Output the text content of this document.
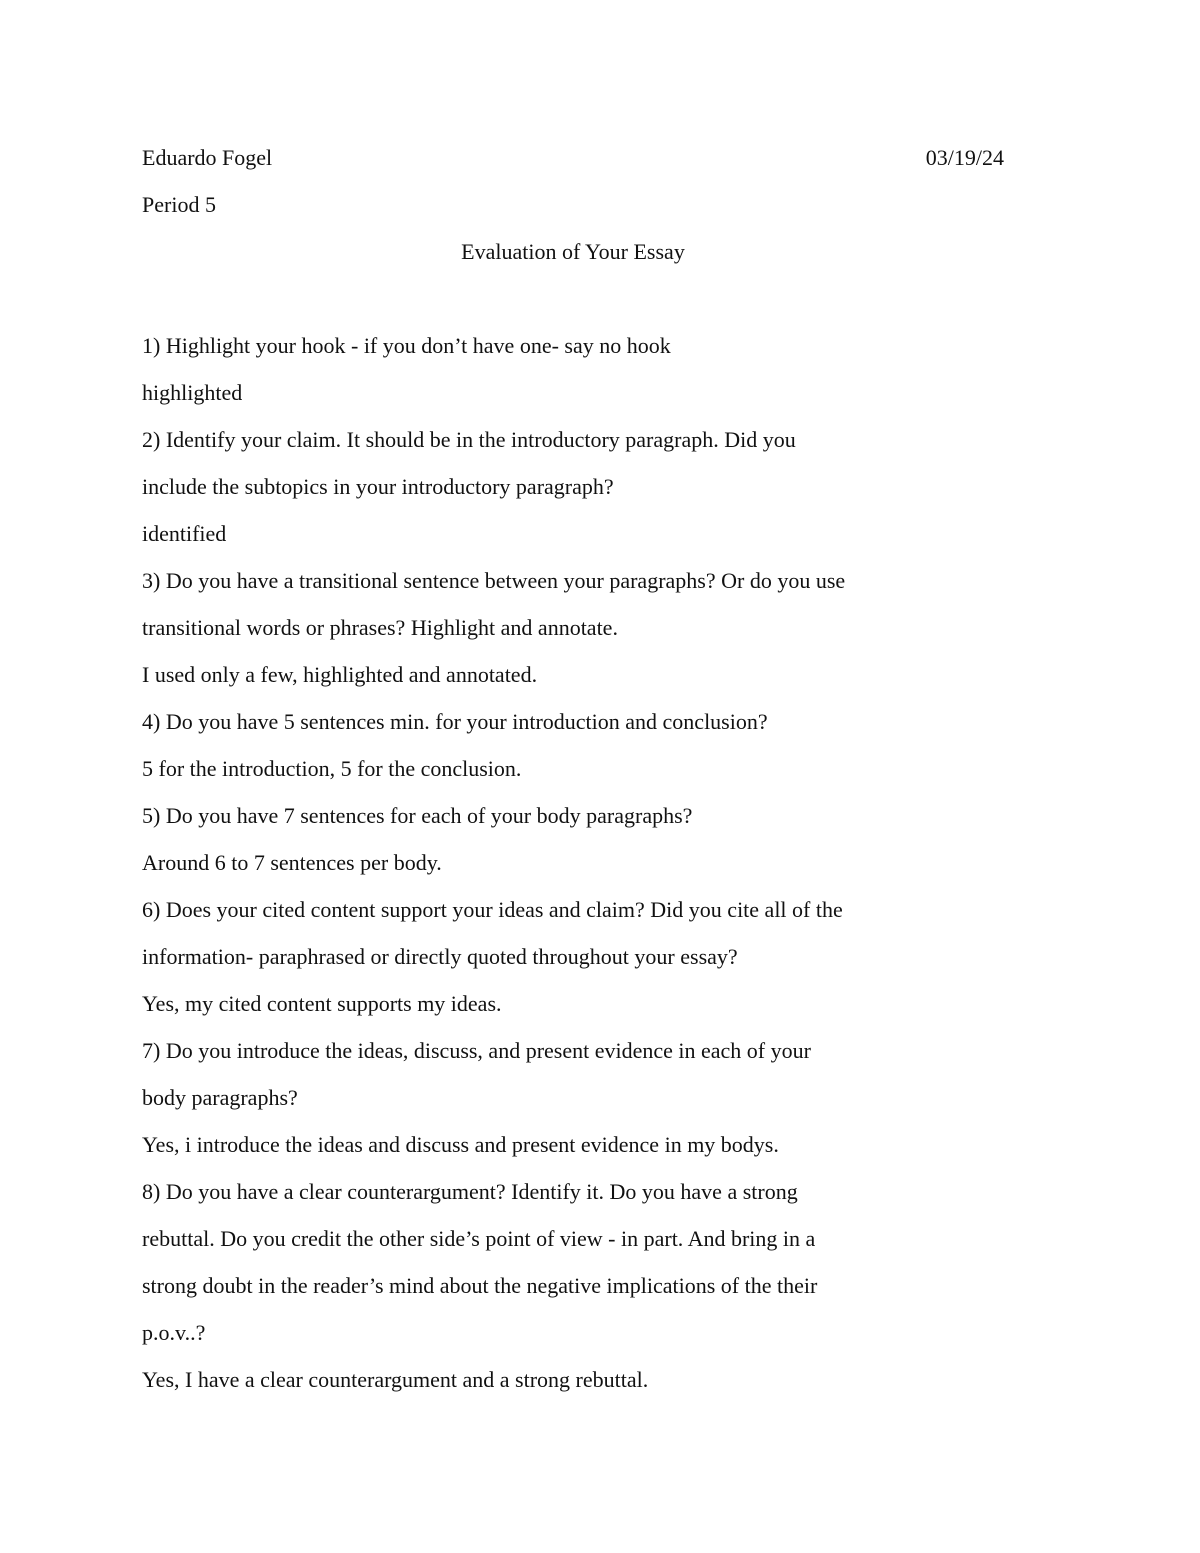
Eduardo Fogel	03/19/24
Period 5
Evaluation of Your Essay
1) Highlight your hook - if you don’t have one- say no hook
highlighted
2) Identify your claim. It should be in the introductory paragraph. Did you
include the subtopics in your introductory paragraph?
identified
3) Do you have a transitional sentence between your paragraphs? Or do you use
transitional words or phrases? Highlight and annotate.
I used only a few, highlighted and annotated.
4) Do you have 5 sentences min. for your introduction and conclusion?
5 for the introduction, 5 for the conclusion.
5) Do you have 7 sentences for each of your body paragraphs?
Around 6 to 7 sentences per body.
6) Does your cited content support your ideas and claim? Did you cite all of the
information- paraphrased or directly quoted throughout your essay?
Yes, my cited content supports my ideas.
7) Do you introduce the ideas, discuss, and present evidence in each of your
body paragraphs?
Yes, i introduce the ideas and discuss and present evidence in my bodys.
8) Do you have a clear counterargument? Identify it. Do you have a strong
rebuttal. Do you credit the other side’s point of view - in part. And bring in a
strong doubt in the reader’s mind about the negative implications of the their
p.o.v..?
Yes, I have a clear counterargument and a strong rebuttal.
